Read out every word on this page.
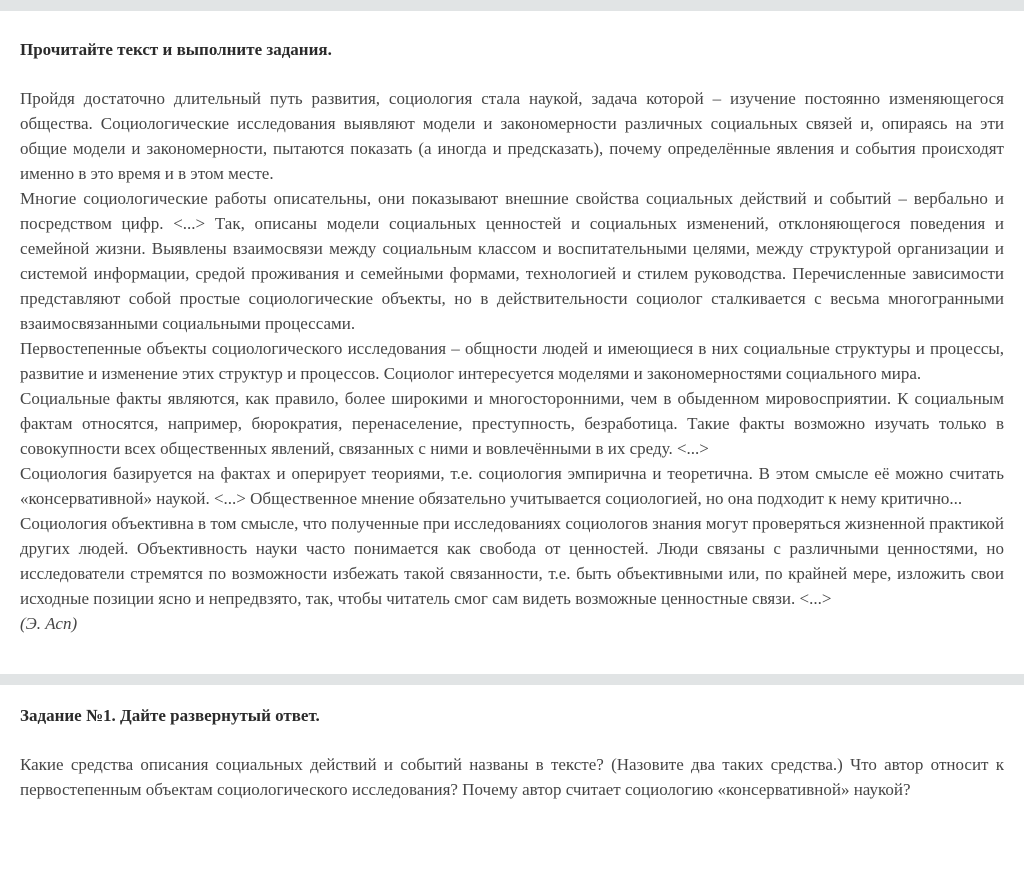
Прочитайте текст и выполните задания.

Пройдя достаточно длительный путь развития, социология стала наукой, задача которой – изучение постоянно изменяющегося общества. Социологические исследования выявляют модели и закономерности различных социальных связей и, опираясь на эти общие модели и закономерности, пытаются показать (а иногда и предсказать), почему определённые явления и события происходят именно в это время и в этом месте.

Многие социологические работы описательны, они показывают внешние свойства социальных действий и событий – вербально и посредством цифр. <...> Так, описаны модели социальных ценностей и социальных изменений, отклоняющегося поведения и семейной жизни. Выявлены взаимосвязи между социальным классом и воспитательными целями, между структурой организации и системой информации, средой проживания и семейными формами, технологией и стилем руководства. Перечисленные зависимости представляют собой простые социологические объекты, но в действительности социолог сталкивается с весьма многогранными взаимосвязанными социальными процессами.

Первостепенные объекты социологического исследования – общности людей и имеющиеся в них социальные структуры и процессы, развитие и изменение этих структур и процессов. Социолог интересуется моделями и закономерностями социального мира.

Социальные факты являются, как правило, более широкими и многосторонними, чем в обыденном мировосприятии. К социальным фактам относятся, например, бюрократия, перенаселение, преступность, безработица. Такие факты возможно изучать только в совокупности всех общественных явлений, связанных с ними и вовлечёнными в их среду. <...>

Социология базируется на фактах и оперирует теориями, т.е. социология эмпирична и теоретична. В этом смысле её можно считать «консервативной» наукой. <...> Общественное мнение обязательно учитывается социологией, но она подходит к нему критично...

Социология объективна в том смысле, что полученные при исследованиях социологов знания могут проверяться жизненной практикой других людей. Объективность науки часто понимается как свобода от ценностей. Люди связаны с различными ценностями, но исследователи стремятся по возможности избежать такой связанности, т.е. быть объективными или, по крайней мере, изложить свои исходные позиции ясно и непредвзято, так, чтобы читатель смог сам видеть возможные ценностные связи. <...>

(Э. Асп)

Задание №1. Дайте развернутый ответ.

Какие средства описания социальных действий и событий названы в тексте? (Назовите два таких средства.) Что автор относит к первостепенным объектам социологического исследования? Почему автор считает социологию «консервативной» наукой?
